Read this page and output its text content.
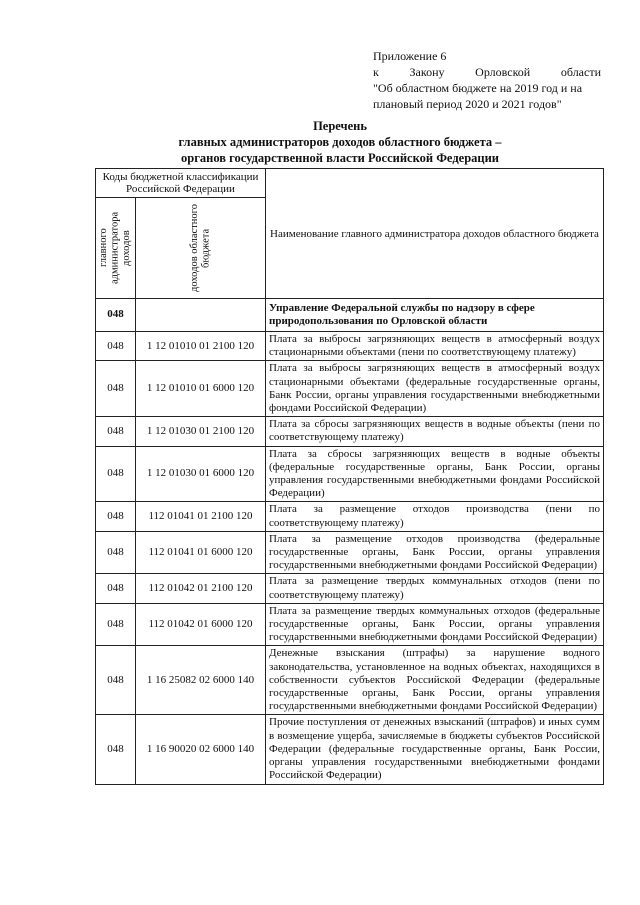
Приложение 6
к	Закону Орловской области
"Об областном бюджете на 2019 год и на плановый период 2020 и 2021 годов"
Перечень
главных администраторов доходов областного бюджета –
органов государственной власти Российской Федерации
Коды бюджетной классификации Российской Федерации		Наименование главного администратора доходов областного бюджета

главного администратора доходов	доходов областного бюджета	

048		Управление Федеральной службы по надзору в сфере
природопользования по Орловской области
048	1 12 01010 01 2100 120	Плата за выбросы загрязняющих веществ в атмосферный воздух стационарными объектами (пени по соответствующему платежу)
048	1 12 01010 01 6000 120	Плата за выбросы загрязняющих веществ в атмосферный воздух стационарными объектами (федеральные государственные органы, Банк России, органы управления государственными внебюджетными фондами Российской Федерации)
048	1 12 01030 01 2100 120	Плата за сбросы загрязняющих веществ в водные объекты (пени по соответствующему платежу)
048	1 12 01030 01 6000 120	Плата за сбросы загрязняющих веществ в водные объекты (федеральные государственные органы, Банк России, органы управления государственными внебюджетными фондами Российской Федерации)
048	112 01041 01 2100 120	Плата за размещение отходов производства (пени по соответствующему платежу)
048	112 01041 01 6000 120	Плата за размещение отходов производства (федеральные государственные органы, Банк России, органы управления государственными внебюджетными фондами Российской Федерации)
048	112 01042 01 2100 120	Плата за размещение твердых коммунальных отходов (пени по соответствующему платежу)
048	112 01042 01 6000 120	Плата за размещение твердых коммунальных отходов (федеральные государственные органы, Банк России, органы управления государственными внебюджетными фондами Российской Федерации)
048	1 16 25082 02 6000 140	Денежные взыскания (штрафы) за нарушение водного законодательства, установленное на водных объектах, находящихся в собственности субъектов Российской Федерации (федеральные государственные органы, Банк России, органы управления государственными внебюджетными фондами Российской Федерации)
048	1 16 90020 02 6000 140	Прочие поступления от денежных взысканий (штрафов) и иных сумм в возмещение ущерба, зачисляемые в бюджеты субъектов Российской Федерации (федеральные государственные органы, Банк России, органы управления государственными внебюджетными фондами Российской Федерации)
